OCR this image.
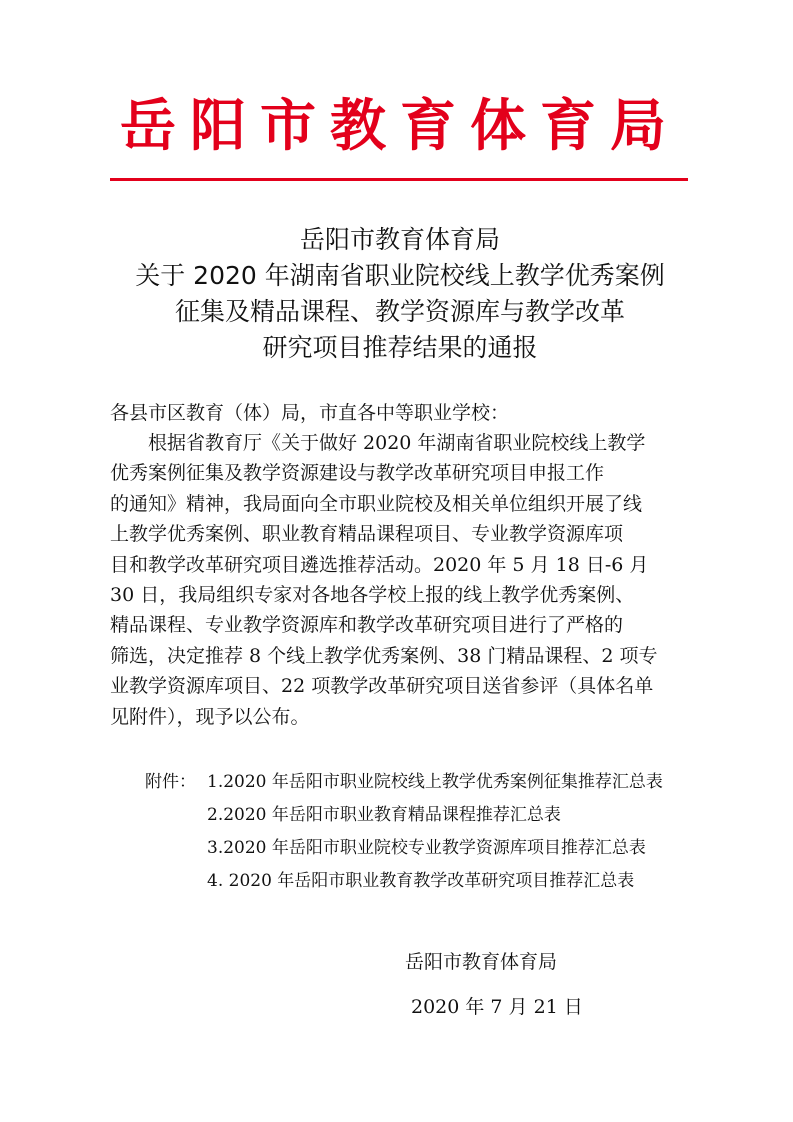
岳阳市教育体育局
岳阳市教育体育局
关于 2020 年湖南省职业院校线上教学优秀案例
征集及精品课程、教学资源库与教学改革
研究项目推荐结果的通报
各县市区教育（体）局，市直各中等职业学校：
　　根据省教育厅《关于做好 2020 年湖南省职业院校线上教学
优秀案例征集及教学资源建设与教学改革研究项目申报工作
的通知》精神，我局面向全市职业院校及相关单位组织开展了线
上教学优秀案例、职业教育精品课程项目、专业教学资源库项
目和教学改革研究项目遴选推荐活动。2020 年 5 月 18 日-6 月
30 日，我局组织专家对各地各学校上报的线上教学优秀案例、
精品课程、专业教学资源库和教学改革研究项目进行了严格的
筛选，决定推荐 8 个线上教学优秀案例、38 门精品课程、2 项专
业教学资源库项目、22 项教学改革研究项目送省参评（具体名单
见附件），现予以公布。
附件： 1.2020 年岳阳市职业院校线上教学优秀案例征集推荐汇总表
2.2020 年岳阳市职业教育精品课程推荐汇总表
3.2020 年岳阳市职业院校专业教学资源库项目推荐汇总表
4. 2020 年岳阳市职业教育教学改革研究项目推荐汇总表
岳阳市教育体育局
2020 年 7 月 21 日
